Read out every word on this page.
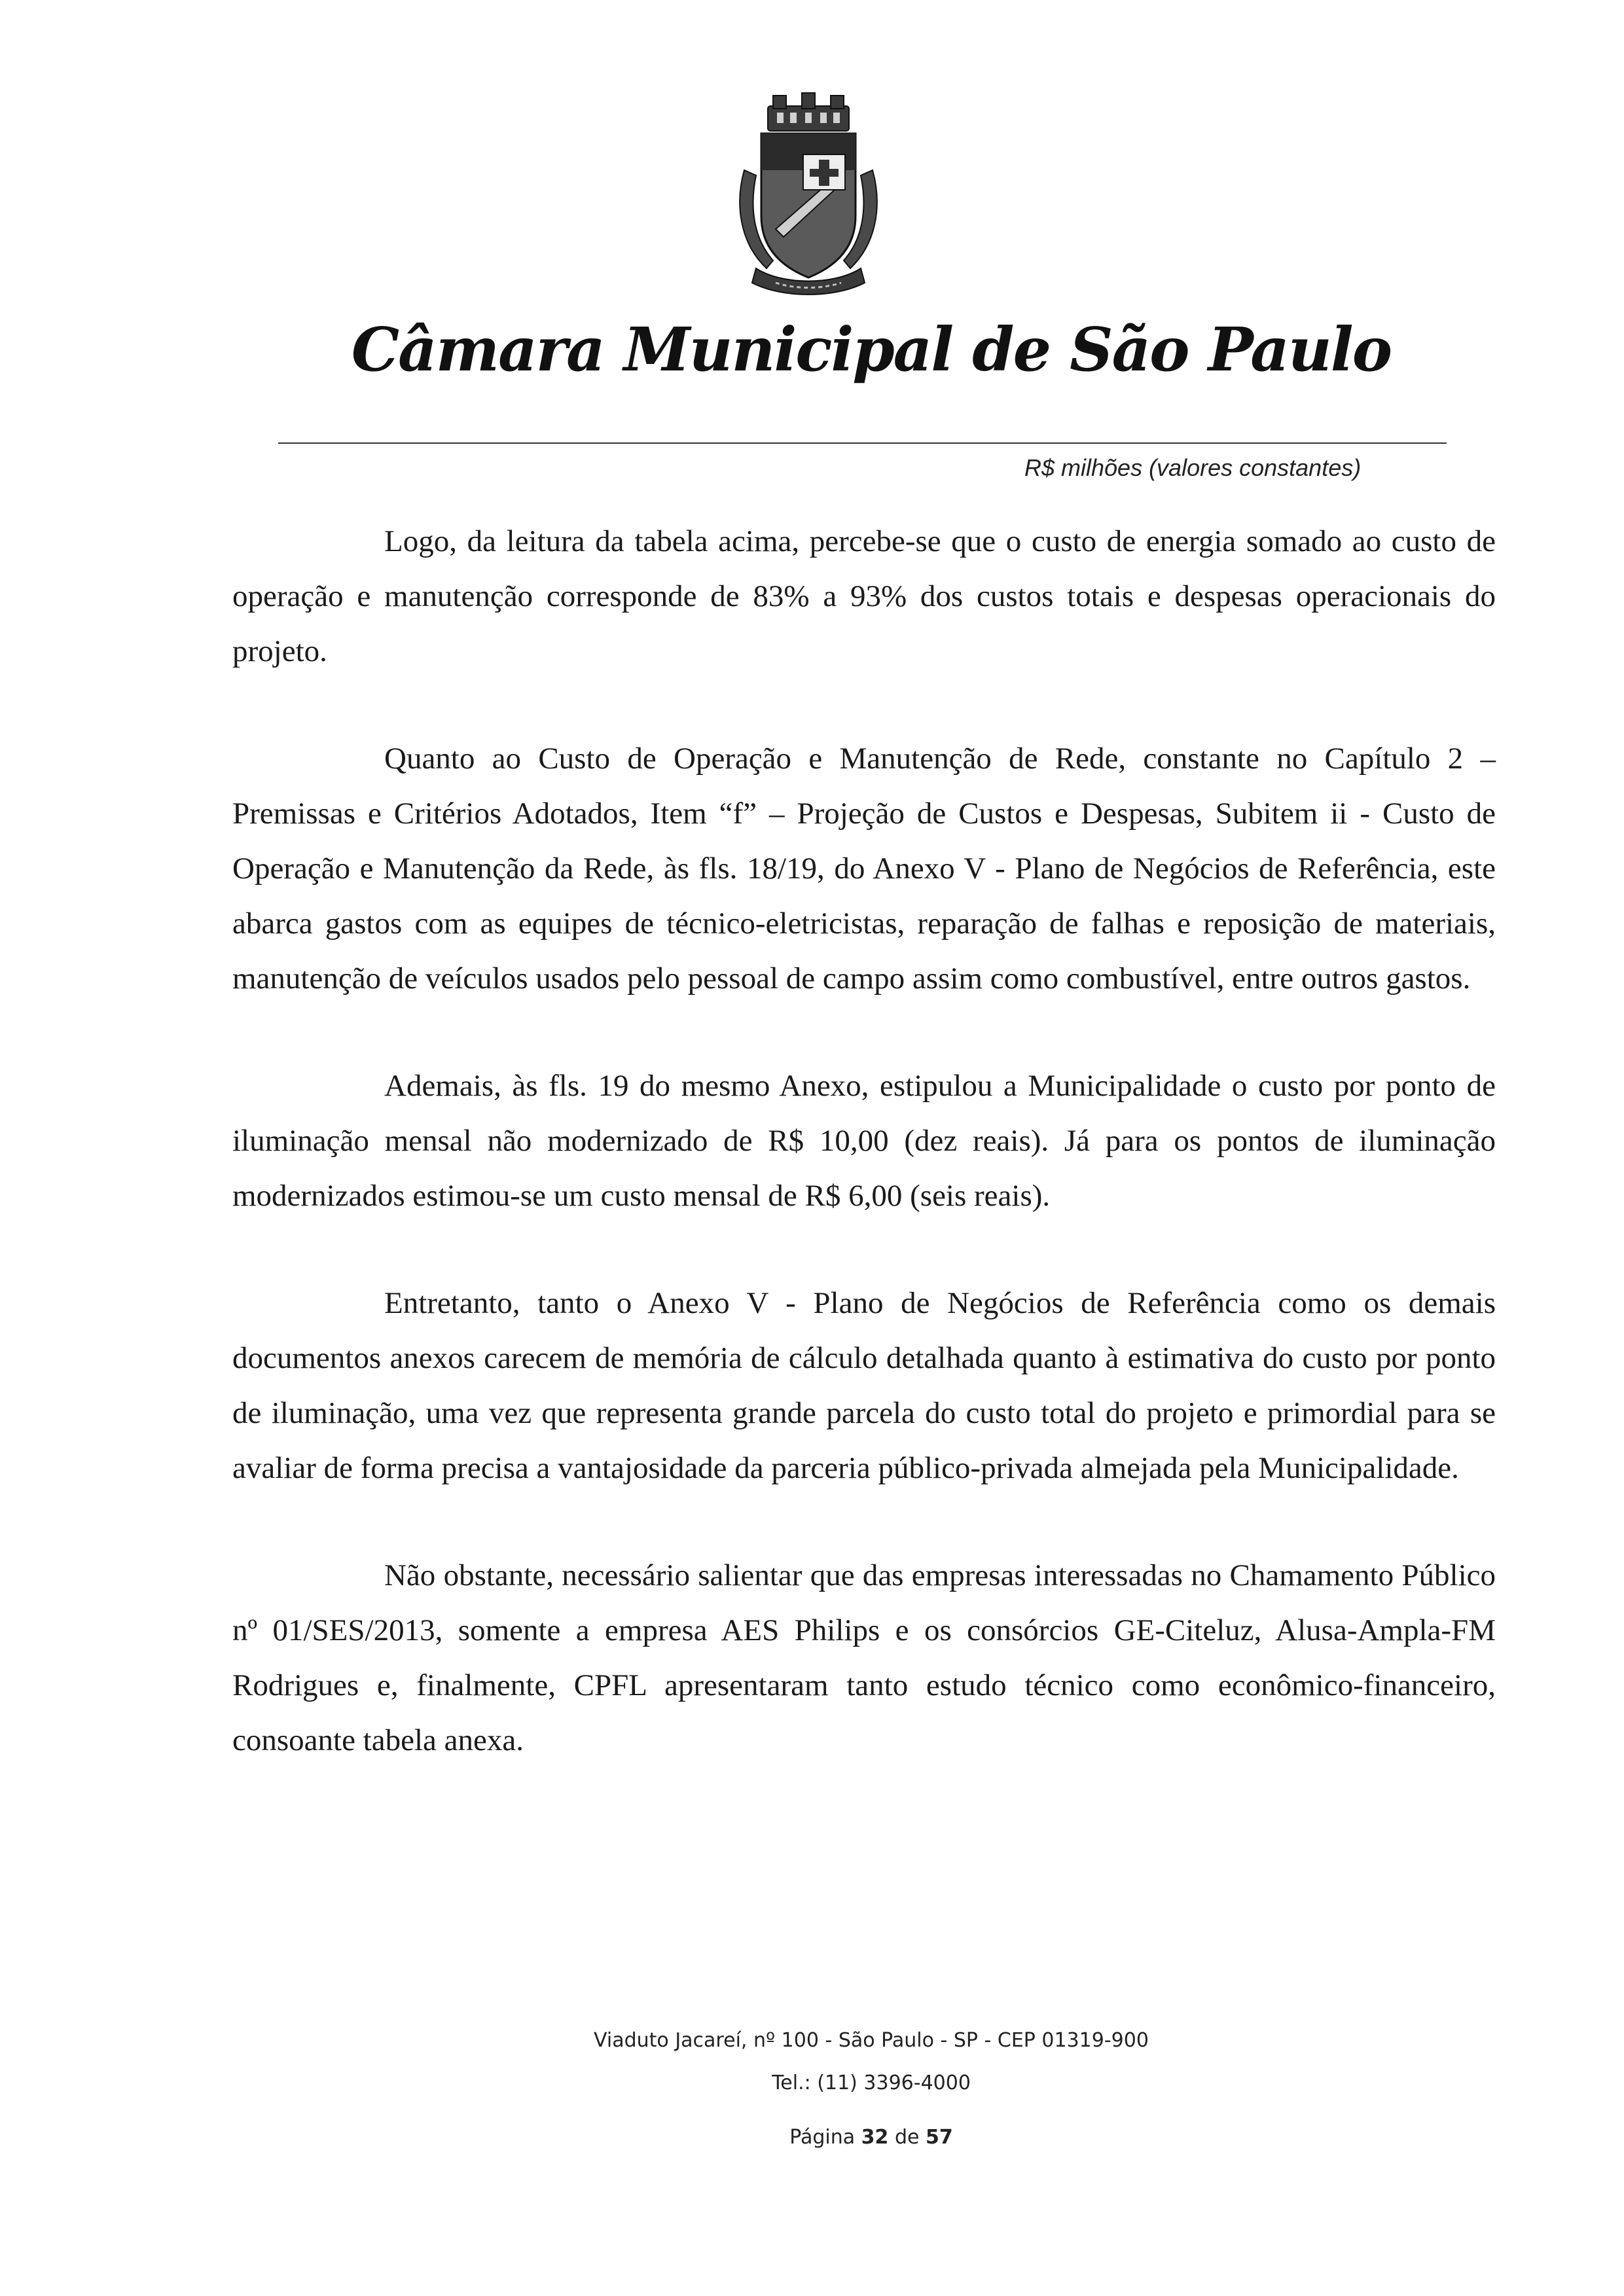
Câmara Municipal de São Paulo
R$ milhões (valores constantes)

Logo, da leitura da tabela acima, percebe-se que o custo de energia somado ao custo de operação e manutenção corresponde de 83% a 93% dos custos totais e despesas operacionais do projeto.

Quanto ao Custo de Operação e Manutenção de Rede, constante no Capítulo 2 – Premissas e Critérios Adotados, Item “f” – Projeção de Custos e Despesas, Subitem ii - Custo de Operação e Manutenção da Rede, às fls. 18/19, do Anexo V - Plano de Negócios de Referência, este abarca gastos com as equipes de técnico-eletricistas, reparação de falhas e reposição de materiais, manutenção de veículos usados pelo pessoal de campo assim como combustível, entre outros gastos.

Ademais, às fls. 19 do mesmo Anexo, estipulou a Municipalidade o custo por ponto de iluminação mensal não modernizado de R$ 10,00 (dez reais). Já para os pontos de iluminação modernizados estimou-se um custo mensal de R$ 6,00 (seis reais).

Entretanto, tanto o Anexo V - Plano de Negócios de Referência como os demais documentos anexos carecem de memória de cálculo detalhada quanto à estimativa do custo por ponto de iluminação, uma vez que representa grande parcela do custo total do projeto e primordial para se avaliar de forma precisa a vantajosidade da parceria público-privada almejada pela Municipalidade.

Não obstante, necessário salientar que das empresas interessadas no Chamamento Público nº 01/SES/2013, somente a empresa AES Philips e os consórcios GE-Citeluz, Alusa-Ampla-FM Rodrigues e, finalmente, CPFL apresentaram tanto estudo técnico como econômico-financeiro, consoante tabela anexa.

Viaduto Jacareí, nº 100 - São Paulo - SP - CEP 01319-900
Tel.: (11) 3396-4000
Página 32 de 57
